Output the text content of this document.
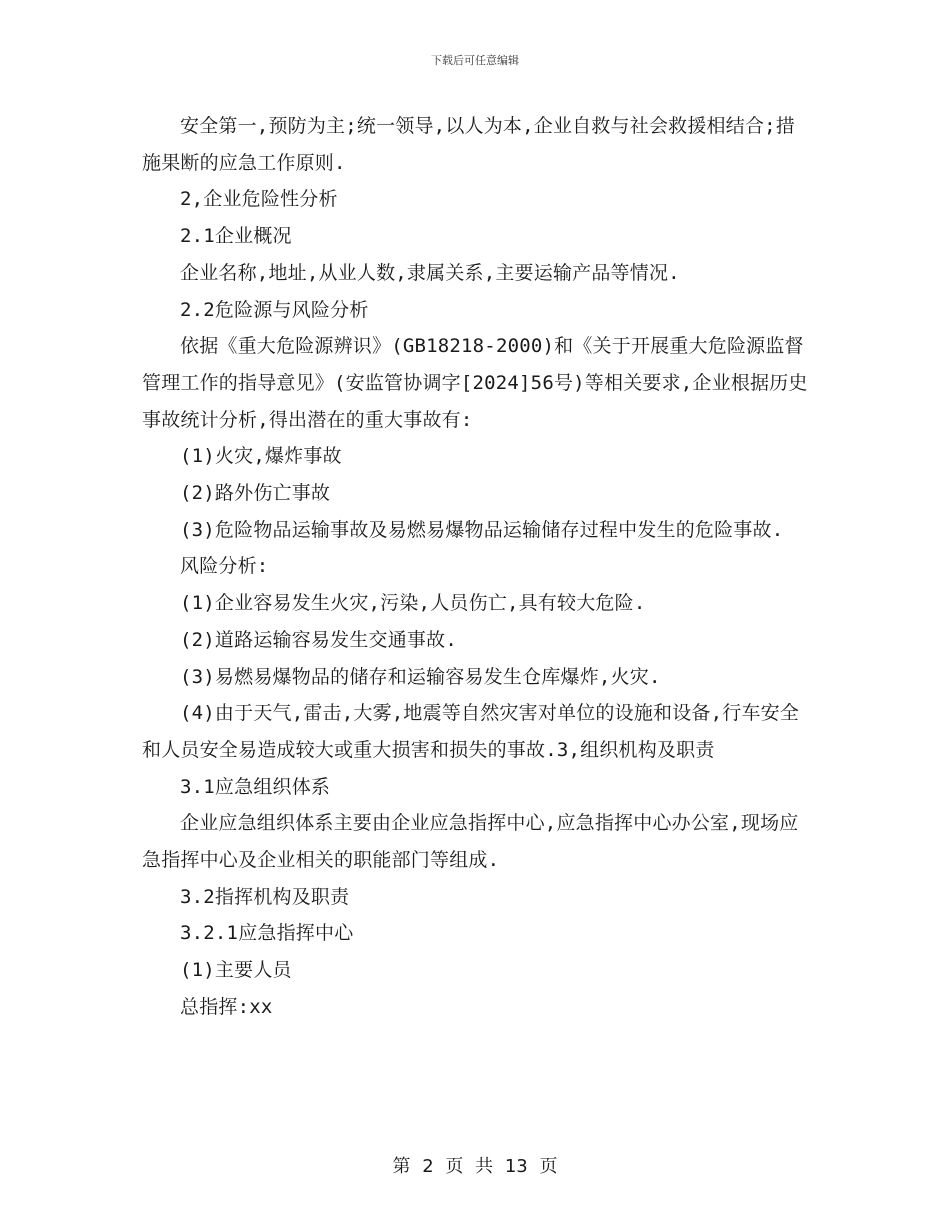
下载后可任意编辑

安全第一,预防为主;统一领导,以人为本,企业自救与社会救援相结合;措施果断的应急工作原则.

2,企业危险性分析

2.1企业概况

企业名称,地址,从业人数,隶属关系,主要运输产品等情况.

2.2危险源与风险分析

依据《重大危险源辨识》(GB18218-2000)和《关于开展重大危险源监督管理工作的指导意见》(安监管协调字[2024]56号)等相关要求,企业根据历史事故统计分析,得出潜在的重大事故有:

(1)火灾,爆炸事故

(2)路外伤亡事故

(3)危险物品运输事故及易燃易爆物品运输储存过程中发生的危险事故.

风险分析:

(1)企业容易发生火灾,污染,人员伤亡,具有较大危险.

(2)道路运输容易发生交通事故.

(3)易燃易爆物品的储存和运输容易发生仓库爆炸,火灾.

(4)由于天气,雷击,大雾,地震等自然灾害对单位的设施和设备,行车安全和人员安全易造成较大或重大损害和损失的事故.3,组织机构及职责

3.1应急组织体系

企业应急组织体系主要由企业应急指挥中心,应急指挥中心办公室,现场应急指挥中心及企业相关的职能部门等组成.

3.2指挥机构及职责

3.2.1应急指挥中心

(1)主要人员

总指挥:xx

第 2 页 共 13 页
